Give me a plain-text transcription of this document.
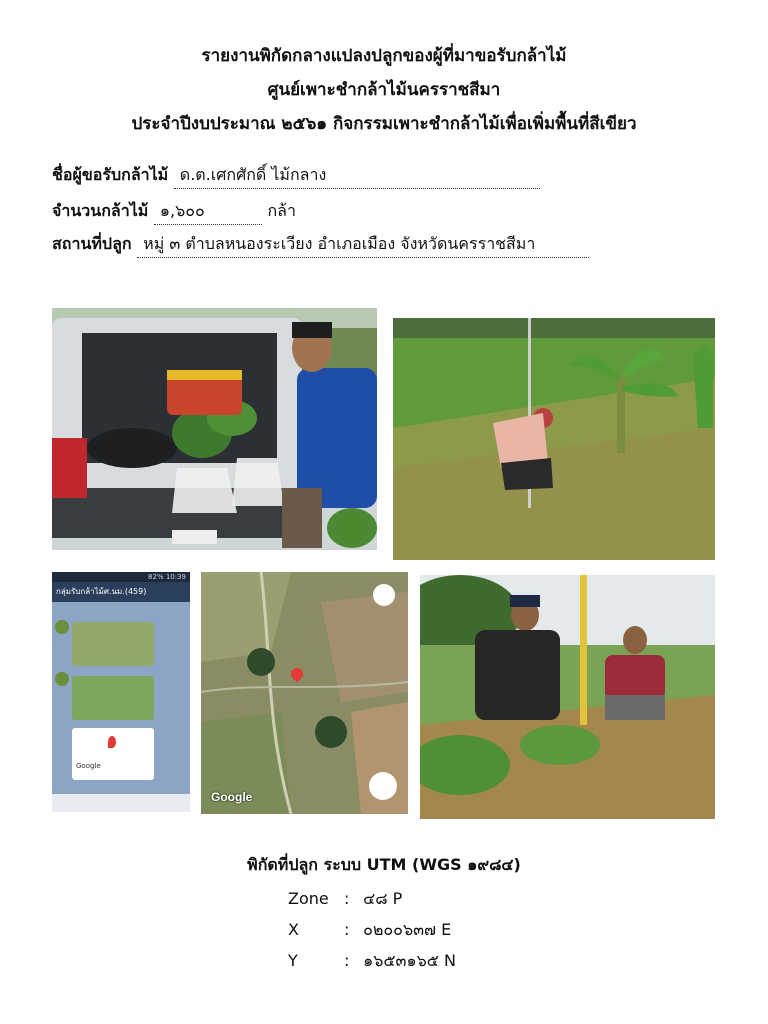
รายงานพิกัดกลางแปลงปลูกของผู้ที่มาขอรับกล้าไม้
ศูนย์เพาะชำกล้าไม้นครราชสีมา
ประจำปีงบประมาณ ๒๕๖๑ กิจกรรมเพาะชำกล้าไม้เพื่อเพิ่มพื้นที่สีเขียว
ชื่อผู้ขอรับกล้าไม้ ด.ต.เศกศักดิ์ ไม้กลาง
จำนวนกล้าไม้ ๑,๖๐๐	กล้า
สถานที่ปลูก หมู่ ๓ ตำบลหนองระเวียง อำเภอเมือง จังหวัดนครราชสีมา
82% 10:39
กลุ่มรับกล้าไม้ศ.นม.(459)
Google
Google
พิกัดที่ปลูก ระบบ UTM (WGS ๑๙๘๔)
Zone : ๔๘ P
X	: ๐๒๐๐๖๓๗ E
Y	: ๑๖๕๓๑๖๕ N
